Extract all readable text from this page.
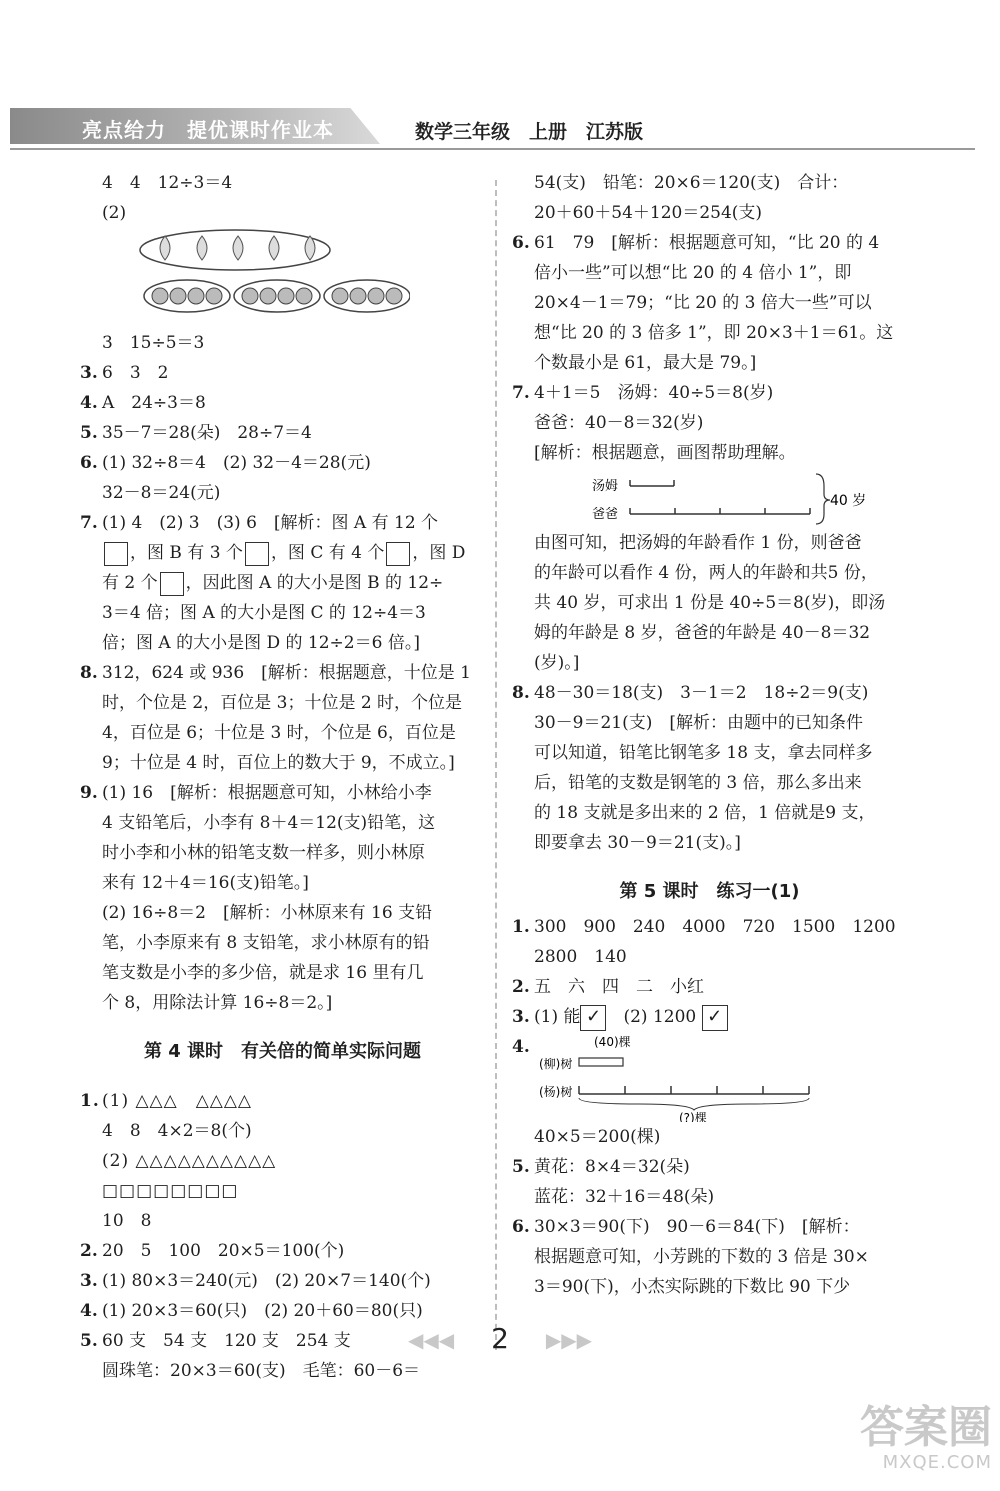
亮点给力　提优课时作业本	数学三年级　上册　江苏版
4　4　12÷3＝4
(2)
3　15÷5＝3
3. 6　3　2
4. A　24÷3＝8
5. 35－7＝28(朵)　28÷7＝4
6. (1) 32÷8＝4　(2) 32－4＝28(元)
32－8＝24(元)
7. (1) 4　(2) 3　(3) 6　[解析：图 A 有 12 个
，图 B 有 3 个 ，图 C 有 4 个 ，图 D
有 2 个 ，因此图 A 的大小是图 B 的 12÷
3＝4 倍；图 A 的大小是图 C 的 12÷4＝3
倍；图 A 的大小是图 D 的 12÷2＝6 倍。]
8. 312，624 或 936　[解析：根据题意，十位是 1
时，个位是 2，百位是 3；十位是 2 时，个位是
4，百位是 6；十位是 3 时，个位是 6，百位是
9；十位是 4 时，百位上的数大于 9，不成立。]
9. (1) 16　[解析：根据题意可知，小林给小李
4 支铅笔后，小李有 8＋4＝12(支)铅笔，这
时小李和小林的铅笔支数一样多，则小林原
来有 12＋4＝16(支)铅笔。]
(2) 16÷8＝2　[解析：小林原来有 16 支铅
笔，小李原来有 8 支铅笔，求小林原有的铅
笔支数是小李的多少倍，就是求 16 里有几
个 8，用除法计算 16÷8＝2。]
第 4 课时　有关倍的简单实际问题
1. (1) △△△　△△△△
4　8　4×2＝8(个)
(2) △△△△△△△△△△
□□□□□□□□
10　8
2. 20　5　100　20×5＝100(个)
3. (1) 80×3＝240(元)　(2) 20×7＝140(个)
4. (1) 20×3＝60(只)　(2) 20＋60＝80(只)
5. 60 支　54 支　120 支　254 支
圆珠笔：20×3＝60(支)　毛笔：60－6＝
54(支)　铅笔：20×6＝120(支)　合计：
20＋60＋54＋120＝254(支)
6. 61　79　[解析：根据题意可知，“比 20 的 4
倍小一些”可以想“比 20 的 4 倍小 1”，即
20×4－1＝79；“比 20 的 3 倍大一些”可以
想“比 20 的 3 倍多 1”，即 20×3＋1＝61。这
个数最小是 61，最大是 79。]
7. 4＋1＝5　汤姆：40÷5＝8(岁)
爸爸：40－8＝32(岁)
[解析：根据题意，画图帮助理解。
汤姆
爸爸
40 岁
由图可知，把汤姆的年龄看作 1 份，则爸爸
的年龄可以看作 4 份，两人的年龄和共5 份，
共 40 岁，可求出 1 份是 40÷5＝8(岁)，即汤
姆的年龄是 8 岁，爸爸的年龄是 40－8＝32
(岁)。]
8. 48－30＝18(支)　3－1＝2　18÷2＝9(支)
30－9＝21(支)　[解析：由题中的已知条件
可以知道，铅笔比钢笔多 18 支，拿去同样多
后，铅笔的支数是钢笔的 3 倍，那么多出来
的 18 支就是多出来的 2 倍，1 倍就是9 支，
即要拿去 30－9＝21(支)。]
第 5 课时　练习一(1)
1. 300　900　240　4000　720　1500　1200
2800　140
2. 五　六　四　二　小红
3. (1) 能 ✓　 (2) 1200 ✓
4.	(40)棵
(柳)树
(杨)树
(?)棵
40×5＝200(棵)
5. 黄花：8×4＝32(朵)
蓝花：32＋16＝48(朵)
6. 30×3＝90(下)　90－6＝84(下)　[解析：
根据题意可知，小芳跳的下数的 3 倍是 30×
3＝90(下)，小杰实际跳的下数比 90 下少
◀◀◀ 2 ▶▶▶
答案圈
MXQE.COM
